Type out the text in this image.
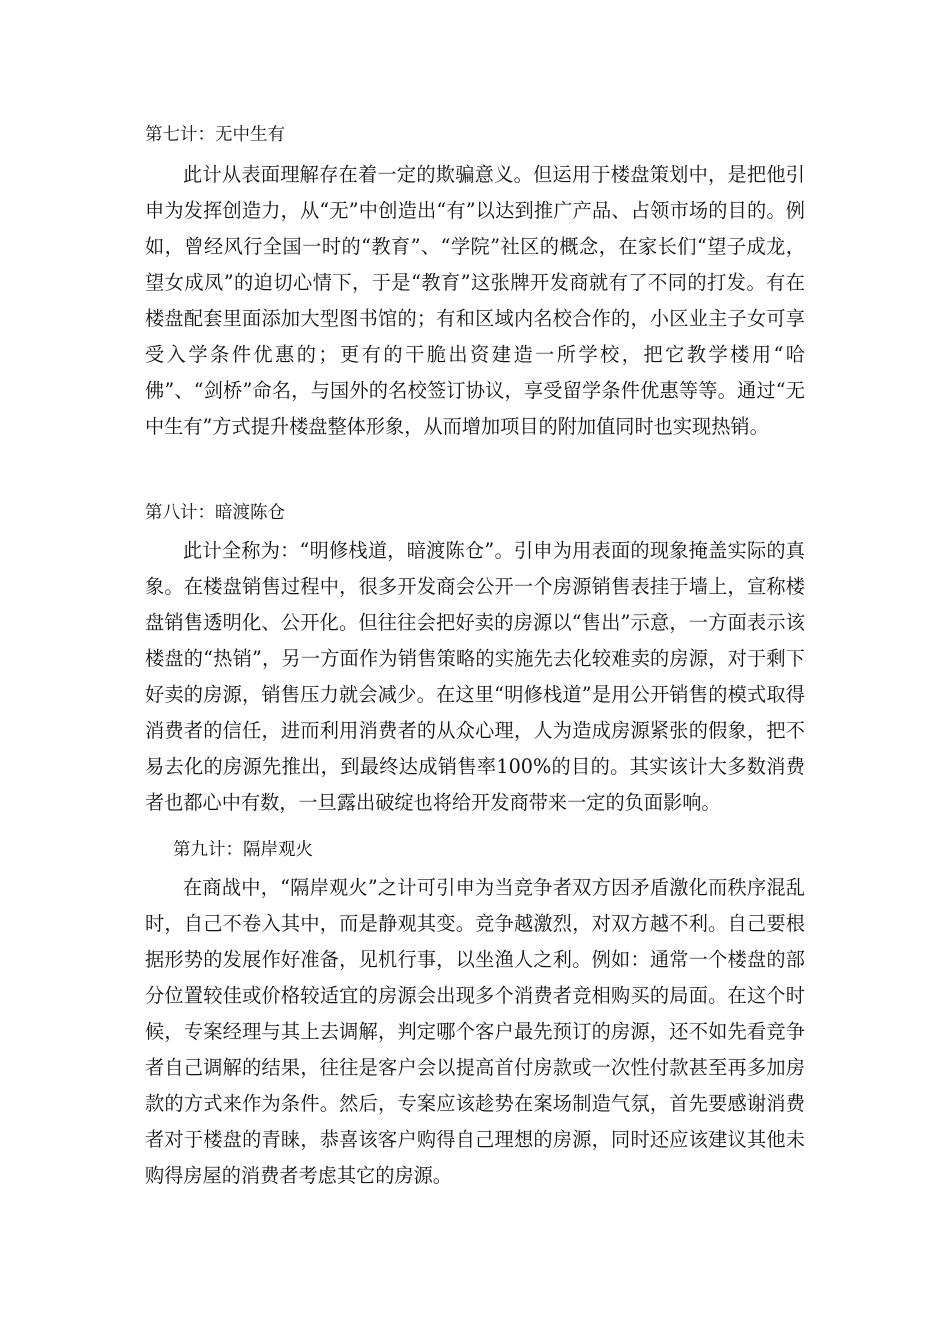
第七计：无中生有

此计从表面理解存在着一定的欺骗意义。但运用于楼盘策划中，是把他引申为发挥创造力，从“无”中创造出“有”以达到推广产品、占领市场的目的。例如，曾经风行全国一时的“教育”、“学院”社区的概念，在家长们“望子成龙，望女成凤”的迫切心情下，于是“教育”这张牌开发商就有了不同的打发。有在楼盘配套里面添加大型图书馆的；有和区域内名校合作的，小区业主子女可享受入学条件优惠的；更有的干脆出资建造一所学校，把它教学楼用“哈佛”、“剑桥”命名，与国外的名校签订协议，享受留学条件优惠等等。通过“无中生有”方式提升楼盘整体形象，从而增加项目的附加值同时也实现热销。

第八计：暗渡陈仓

此计全称为：“明修栈道，暗渡陈仓”。引申为用表面的现象掩盖实际的真象。在楼盘销售过程中，很多开发商会公开一个房源销售表挂于墙上，宣称楼盘销售透明化、公开化。但往往会把好卖的房源以“售出”示意，一方面表示该楼盘的“热销”，另一方面作为销售策略的实施先去化较难卖的房源，对于剩下好卖的房源，销售压力就会减少。在这里“明修栈道”是用公开销售的模式取得消费者的信任，进而利用消费者的从众心理，人为造成房源紧张的假象，把不易去化的房源先推出，到最终达成销售率100%的目的。其实该计大多数消费者也都心中有数，一旦露出破绽也将给开发商带来一定的负面影响。

第九计：隔岸观火

在商战中，“隔岸观火”之计可引申为当竞争者双方因矛盾激化而秩序混乱时，自己不卷入其中，而是静观其变。竞争越激烈，对双方越不利。自己要根据形势的发展作好准备，见机行事，以坐渔人之利。例如：通常一个楼盘的部分位置较佳或价格较适宜的房源会出现多个消费者竞相购买的局面。在这个时候，专案经理与其上去调解，判定哪个客户最先预订的房源，还不如先看竞争者自己调解的结果，往往是客户会以提高首付房款或一次性付款甚至再多加房款的方式来作为条件。然后，专案应该趁势在案场制造气氛，首先要感谢消费者对于楼盘的青睐，恭喜该客户购得自己理想的房源，同时还应该建议其他未购得房屋的消费者考虑其它的房源。
